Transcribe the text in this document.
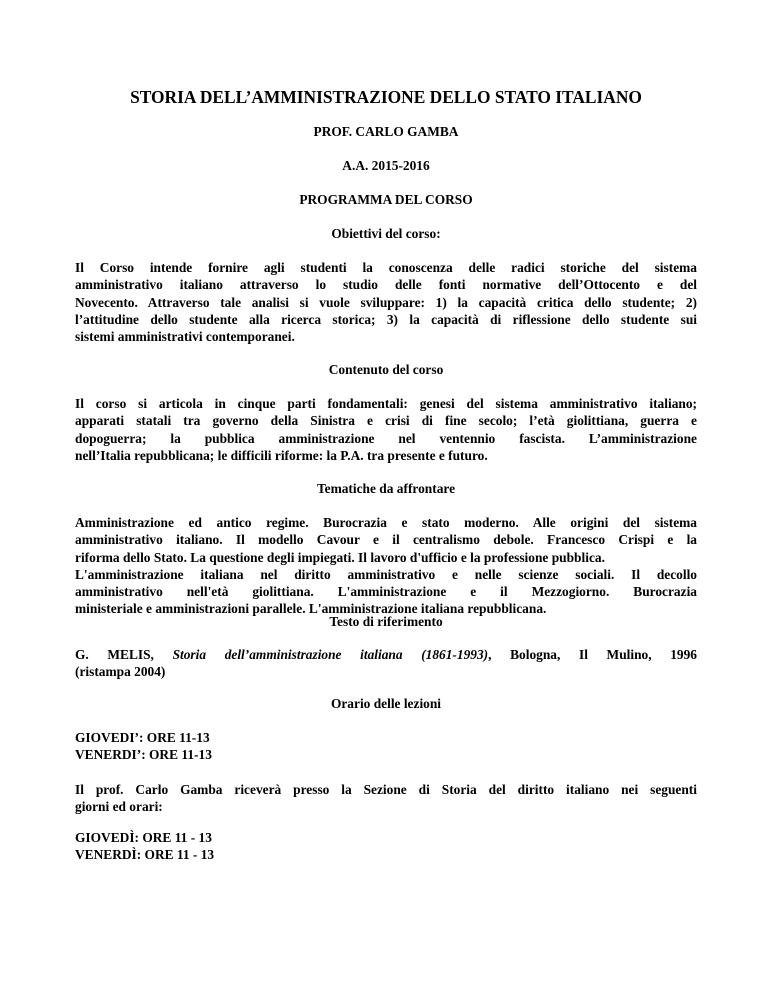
STORIA DELL’AMMINISTRAZIONE DELLO STATO ITALIANO
PROF. CARLO GAMBA
A.A. 2015-2016
PROGRAMMA DEL CORSO
Obiettivi del corso:
Il Corso intende fornire agli studenti la conoscenza delle radici storiche del sistema
amministrativo italiano attraverso lo studio delle fonti normative dell’Ottocento e del
Novecento. Attraverso tale analisi si vuole sviluppare: 1) la capacità critica dello studente; 2)
l’attitudine dello studente alla ricerca storica; 3) la capacità di riflessione dello studente sui
sistemi amministrativi contemporanei.
Contenuto del corso
Il corso si articola in cinque parti fondamentali: genesi del sistema amministrativo italiano;
apparati statali tra governo della Sinistra e crisi di fine secolo; l’età giolittiana, guerra e
dopoguerra; la pubblica amministrazione nel ventennio fascista. L’amministrazione
nell’Italia repubblicana; le difficili riforme: la P.A. tra presente e futuro.
Tematiche da affrontare
Amministrazione ed antico regime. Burocrazia e stato moderno. Alle origini del sistema
amministrativo italiano. Il modello Cavour e il centralismo debole. Francesco Crispi e la
riforma dello Stato. La questione degli impiegati. Il lavoro d'ufficio e la professione pubblica.
L'amministrazione italiana nel diritto amministrativo e nelle scienze sociali. Il decollo
amministrativo nell'età giolittiana. L'amministrazione e il Mezzogiorno. Burocrazia
ministeriale e amministrazioni parallele. L'amministrazione italiana repubblicana.
Testo di riferimento
G. MELIS, Storia dell’amministrazione italiana (1861-1993), Bologna, Il Mulino, 1996
(ristampa 2004)
Orario delle lezioni
GIOVEDI’: ORE 11-13
VENERDI’: ORE 11-13
Il prof. Carlo Gamba riceverà presso la Sezione di Storia del diritto italiano nei seguenti
giorni ed orari:
GIOVEDÌ: ORE 11 - 13
VENERDÌ: ORE 11 - 13
